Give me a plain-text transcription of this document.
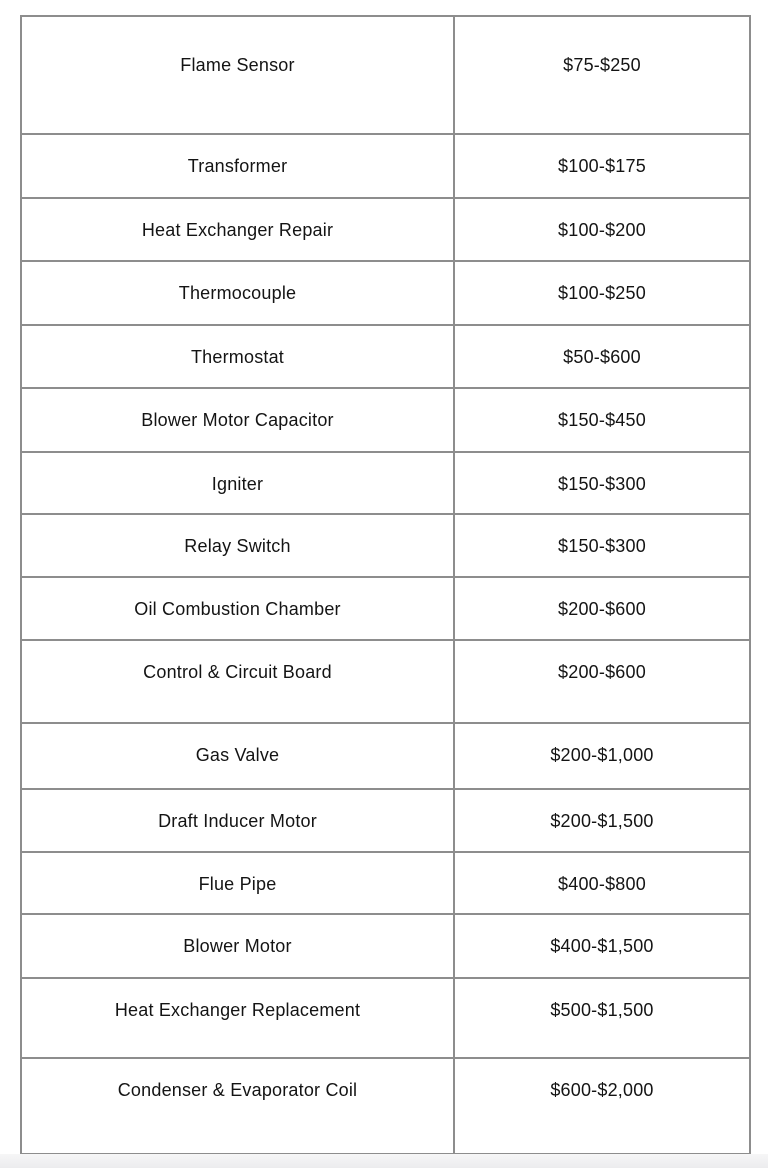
Flame Sensor	$75-$250
Transformer	$100-$175
Heat Exchanger Repair	$100-$200
Thermocouple	$100-$250
Thermostat	$50-$600
Blower Motor Capacitor	$150-$450
Igniter	$150-$300
Relay Switch	$150-$300
Oil Combustion Chamber	$200-$600
Control & Circuit Board	$200-$600
Gas Valve	$200-$1,000
Draft Inducer Motor	$200-$1,500
Flue Pipe	$400-$800
Blower Motor	$400-$1,500
Heat Exchanger Replacement	$500-$1,500
Condenser & Evaporator Coil	$600-$2,000
